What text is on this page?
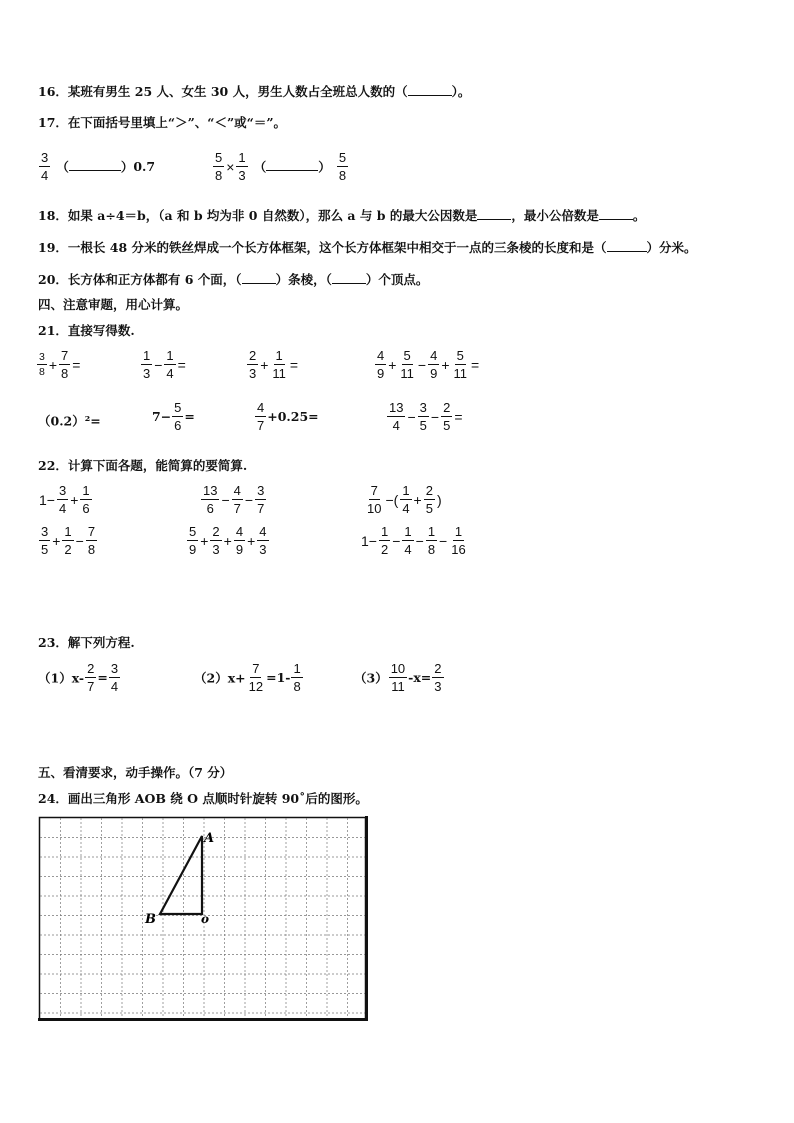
16．某班有男生 25 人、女生 30 人，男生人数占全班总人数的（	）。
17．在下面括号里填上“＞”、“＜”或“＝”。
$\frac{3}{4}$ （	）0.7	$\frac{5}{8} \times \frac{1}{3}$ （	） $\frac{5}{8}$
18．如果 a÷4＝b，（a 和 b 均为非 0 自然数），那么 a 与 b 的最大公因数是	，最小公倍数是	。
19．一根长 48 分米的铁丝焊成一个长方体框架，这个长方体框架中相交于一点的三条棱的长度和是（	）分米。
20．长方体和正方体都有 6 个面，（	）条棱，（	）个顶点。
四、注意审题，用心计算。
21．直接写得数.
$\frac{3}{8} + \frac{7}{8}$ =	$\frac{1}{3} - \frac{1}{4}$ =	$\frac{2}{3} + \frac{1}{11}$ =	$\frac{4}{9} + \frac{5}{11} - \frac{4}{9} + \frac{5}{11}$ =
（0.2）²=	$7- \frac{5}{6}$ =	$\frac{4}{7} +0.25=$	$\frac{13}{4} - \frac{3}{5} - \frac{2}{5}$ =
22．计算下面各题，能简算的要简算.
$1- \frac{3}{4} + \frac{1}{6}$	$\frac{13}{6} - \frac{4}{7} - \frac{3}{7}$	$\frac{7}{10}$ −( $\frac{1}{4} + \frac{2}{5}$ )
$\frac{3}{5} + \frac{1}{2} - \frac{7}{8}$	$\frac{5}{9} + \frac{2}{3} + \frac{4}{9} + \frac{4}{3}$	$1- \frac{1}{2} - \frac{1}{4} - \frac{1}{8} - \frac{1}{16}$
23．解下列方程.
$(1)x- \frac{2}{7} = \frac{3}{4}$	$(2)x+ \frac{7}{12} =1- \frac{1}{8}$	$(3) \frac{10}{11} -x= \frac{2}{3}$
五、看清要求，动手操作。（7 分）
24．画出三角形 AOB 绕 O 点顺时针旋转 90˚后的图形。
A
B	o
